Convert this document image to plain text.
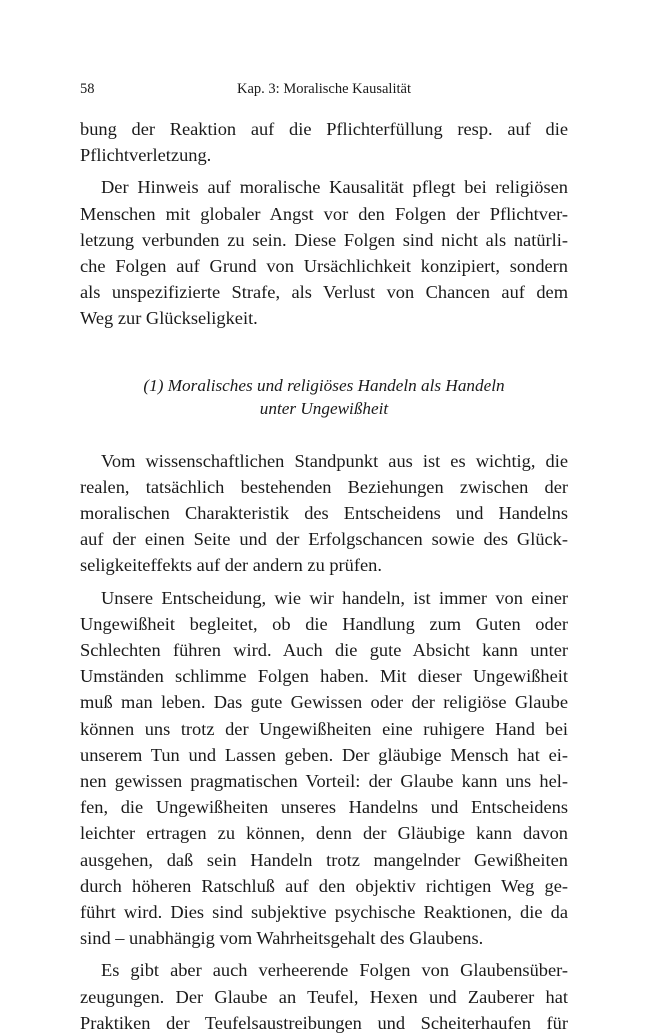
58	Kap. 3: Moralische Kausalität

bung der Reaktion auf die Pflichterfüllung resp. auf die

Pflichtverletzung.

Der Hinweis auf moralische Kausalität pflegt bei religiösen

Menschen mit globaler Angst vor den Folgen der Pflichtver-

letzung verbunden zu sein. Diese Folgen sind nicht als natürli-

che Folgen auf Grund von Ursächlichkeit konzipiert, sondern

als unspezifizierte Strafe, als Verlust von Chancen auf dem

Weg zur Glückseligkeit.

(1) Moralisches und religiöses Handeln als Handeln
unter Ungewißheit

Vom wissenschaftlichen Standpunkt aus ist es wichtig, die

realen, tatsächlich bestehenden Beziehungen zwischen der

moralischen Charakteristik des Entscheidens und Handelns

auf der einen Seite und der Erfolgschancen sowie des Glück-

seligkeiteffekts auf der andern zu prüfen.

Unsere Entscheidung, wie wir handeln, ist immer von einer

Ungewißheit begleitet, ob die Handlung zum Guten oder

Schlechten führen wird. Auch die gute Absicht kann unter

Umständen schlimme Folgen haben. Mit dieser Ungewißheit

muß man leben. Das gute Gewissen oder der religiöse Glaube

können uns trotz der Ungewißheiten eine ruhigere Hand bei

unserem Tun und Lassen geben. Der gläubige Mensch hat ei-

nen gewissen pragmatischen Vorteil: der Glaube kann uns hel-

fen, die Ungewißheiten unseres Handelns und Entscheidens

leichter ertragen zu können, denn der Gläubige kann davon

ausgehen, daß sein Handeln trotz mangelnder Gewißheiten

durch höheren Ratschluß auf den objektiv richtigen Weg ge-

führt wird. Dies sind subjektive psychische Reaktionen, die da

sind – unabhängig vom Wahrheitsgehalt des Glaubens.

Es gibt aber auch verheerende Folgen von Glaubensüber-

zeugungen. Der Glaube an Teufel, Hexen und Zauberer hat

Praktiken der Teufelsaustreibungen und Scheiterhaufen für
